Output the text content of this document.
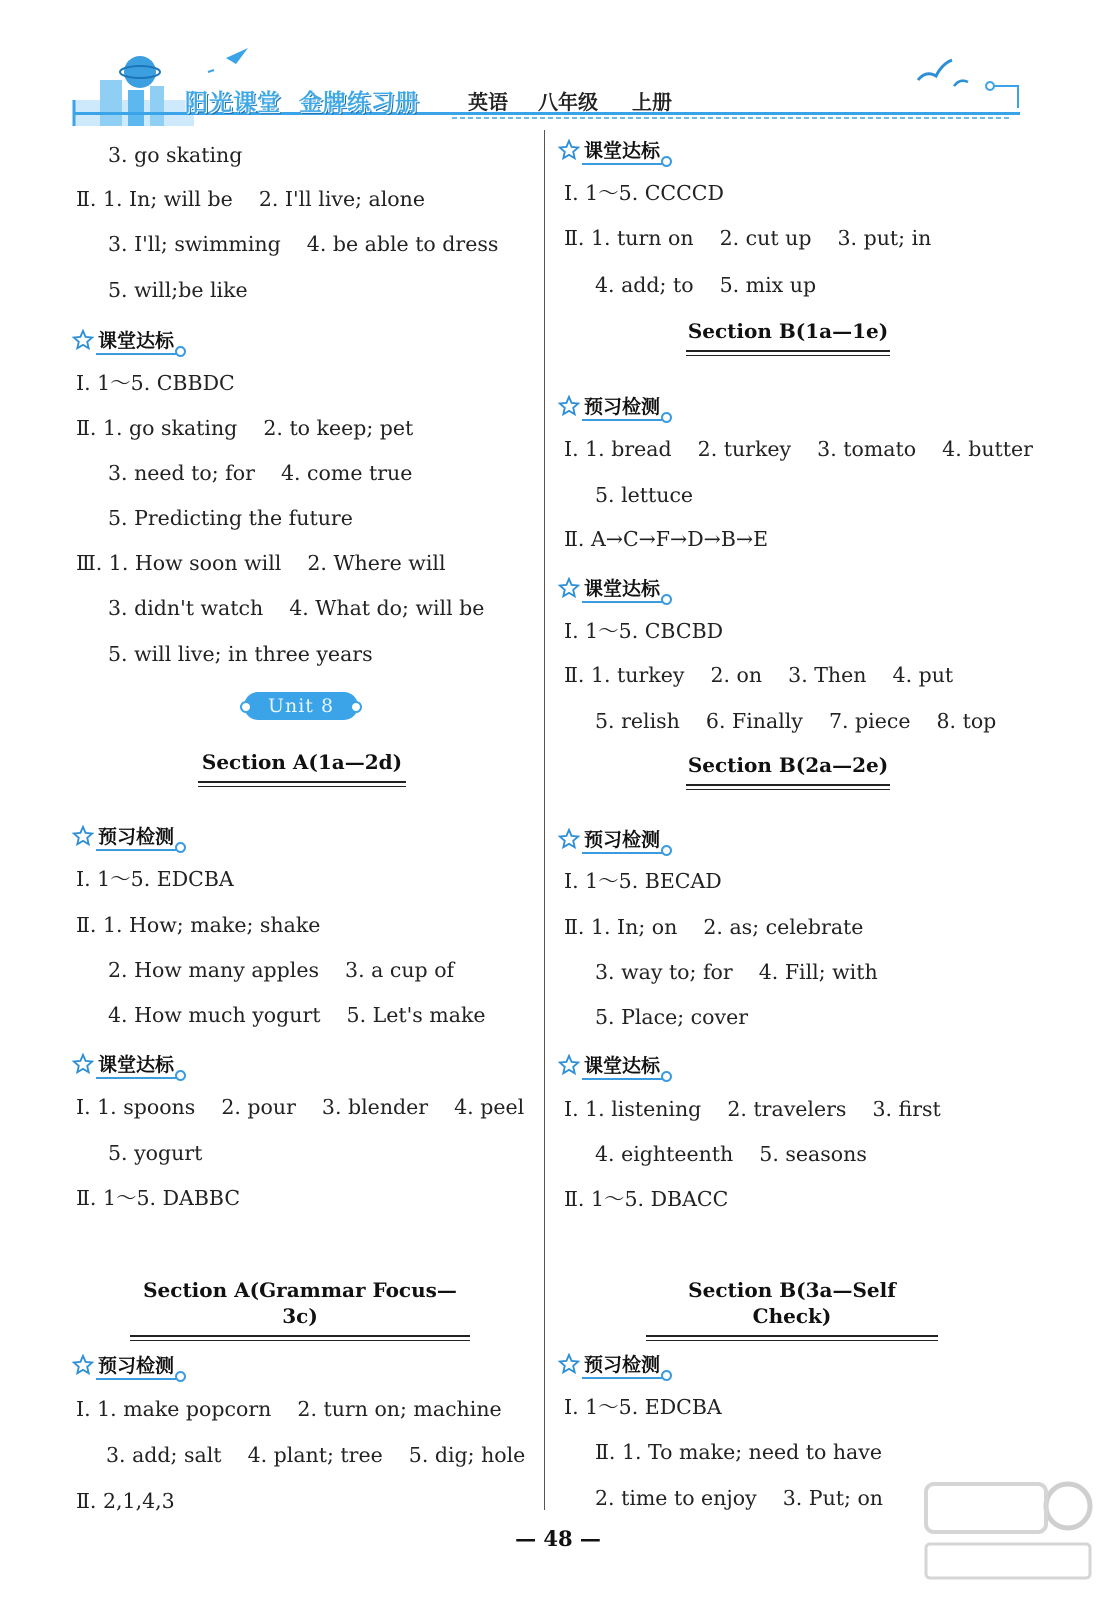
阳光课堂 金牌练习册 英语 八年级 上册
3. go skating
Ⅱ. 1. In; will be    2. I'll live; alone
3. I'll; swimming    4. be able to dress
5. will;be like
课堂达标
Ⅰ. 1～5. CBBDC
Ⅱ. 1. go skating    2. to keep; pet
3. need to; for    4. come true
5. Predicting the future
Ⅲ. 1. How soon will    2. Where will
3. didn't watch    4. What do; will be
5. will live; in three years
Unit 8
Section A(1a—2d)
预习检测
Ⅰ. 1～5. EDCBA
Ⅱ. 1. How; make; shake
2. How many apples    3. a cup of
4. How much yogurt    5. Let's make
课堂达标
Ⅰ. 1. spoons    2. pour    3. blender    4. peel
5. yogurt
Ⅱ. 1～5. DABBC
Section A(Grammar Focus—3c)
预习检测
Ⅰ. 1. make popcorn    2. turn on; machine
3. add; salt    4. plant; tree    5. dig; hole
Ⅱ. 2,1,4,3
课堂达标
Ⅰ. 1～5. CCCCD
Ⅱ. 1. turn on    2. cut up    3. put; in
4. add; to    5. mix up
Section B(1a—1e)
预习检测
Ⅰ. 1. bread    2. turkey    3. tomato    4. butter
5. lettuce
Ⅱ. A→C→F→D→B→E
课堂达标
Ⅰ. 1～5. CBCBD
Ⅱ. 1. turkey    2. on    3. Then    4. put
5. relish    6. Finally    7. piece    8. top
Section B(2a—2e)
预习检测
Ⅰ. 1～5. BECAD
Ⅱ. 1. In; on    2. as; celebrate
3. way to; for    4. Fill; with
5. Place; cover
课堂达标
Ⅰ. 1. listening    2. travelers    3. first
4. eighteenth    5. seasons
Ⅱ. 1～5. DBACC
Section B(3a—Self Check)
预习检测
Ⅰ. 1～5. EDCBA
Ⅱ. 1. To make; need to have
2. time to enjoy    3. Put; on
— 48 —
